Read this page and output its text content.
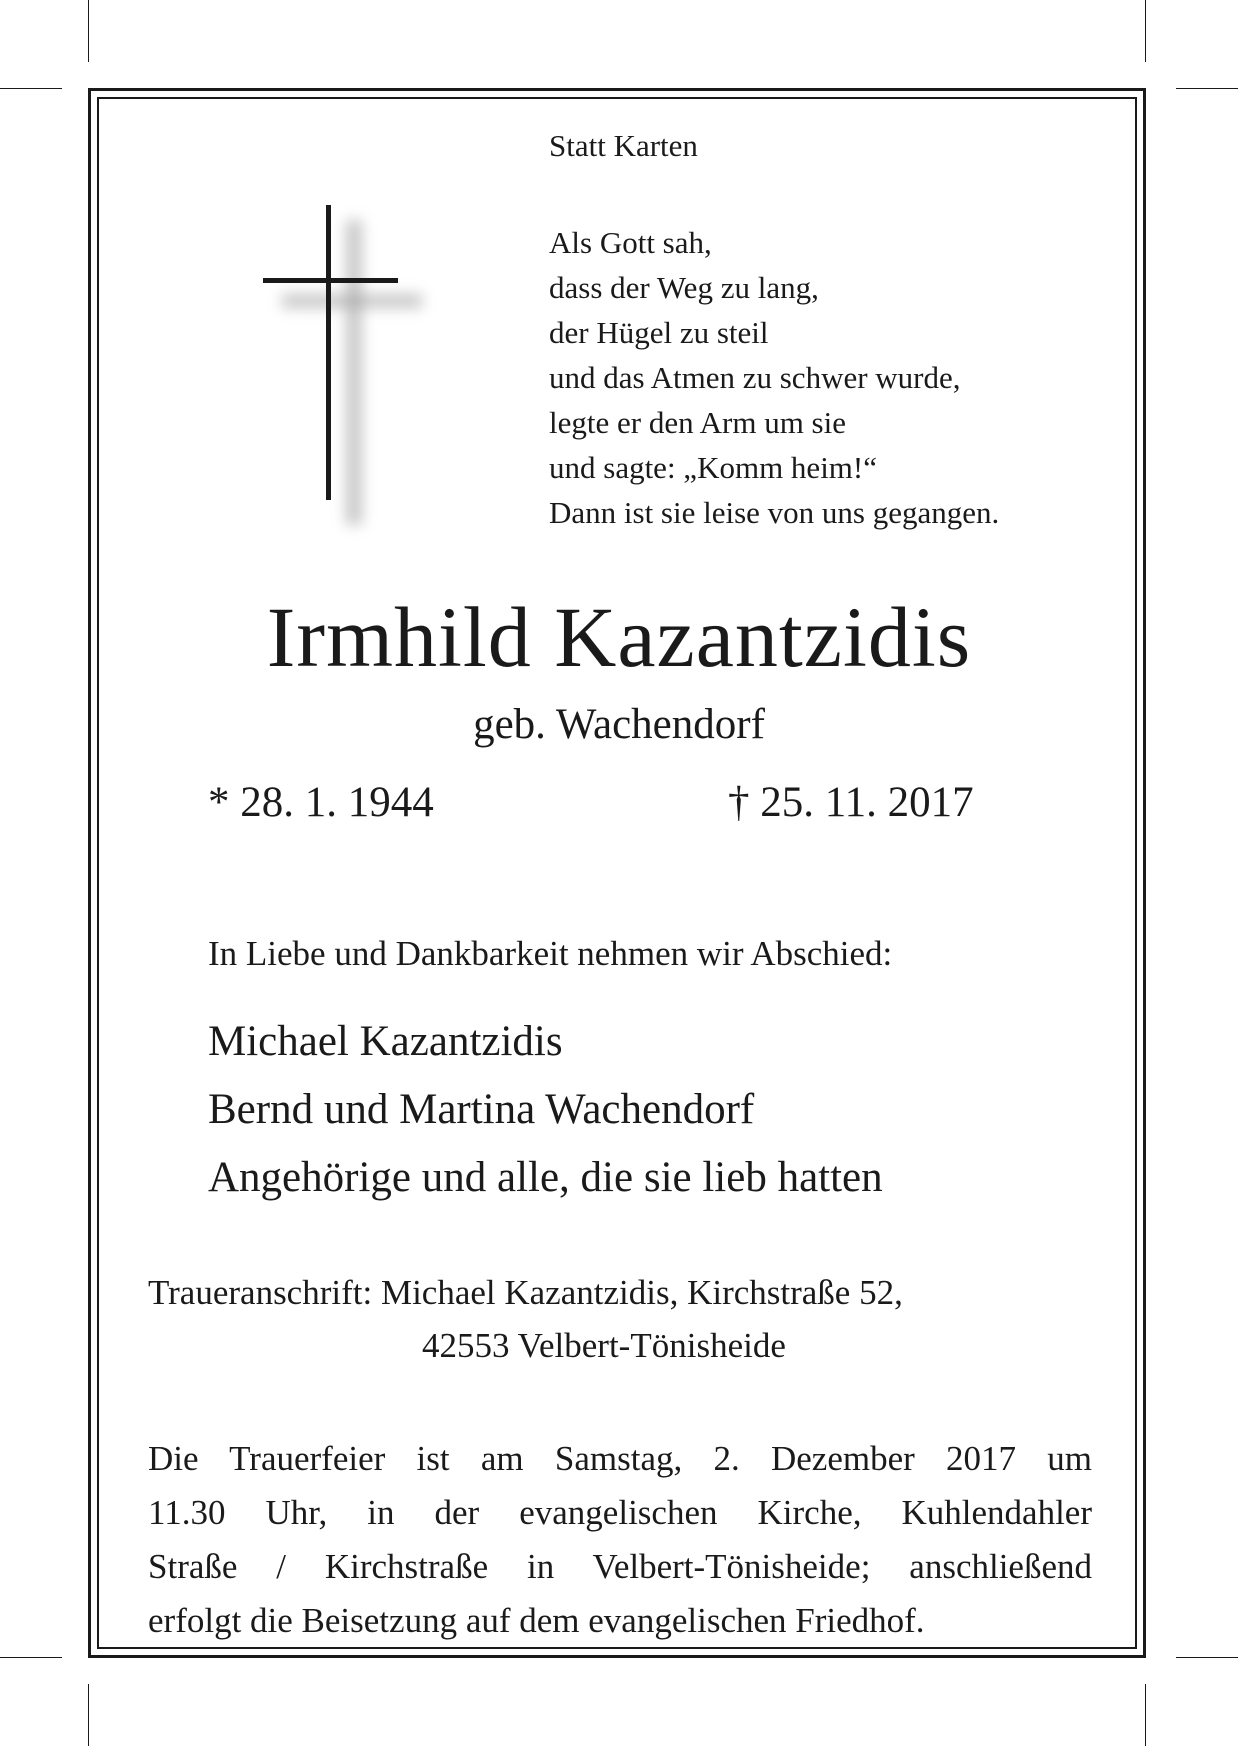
Statt Karten
Als Gott sah,
dass der Weg zu lang,
der Hügel zu steil
und das Atmen zu schwer wurde,
legte er den Arm um sie
und sagte: „Komm heim!“
Dann ist sie leise von uns gegangen.
Irmhild Kazantzidis
geb. Wachendorf
* 28. 1. 1944	† 25. 11. 2017
In Liebe und Dankbarkeit nehmen wir Abschied:
Michael Kazantzidis
Bernd und Martina Wachendorf
Angehörige und alle, die sie lieb hatten
Traueranschrift: Michael Kazantzidis, Kirchstraße 52,
42553 Velbert-Tönisheide
Die Trauerfeier ist am Samstag, 2. Dezember 2017 um
11.30 Uhr, in der evangelischen Kirche, Kuhlendahler
Straße / Kirchstraße in Velbert-Tönisheide; anschließend
erfolgt die Beisetzung auf dem evangelischen Friedhof.
